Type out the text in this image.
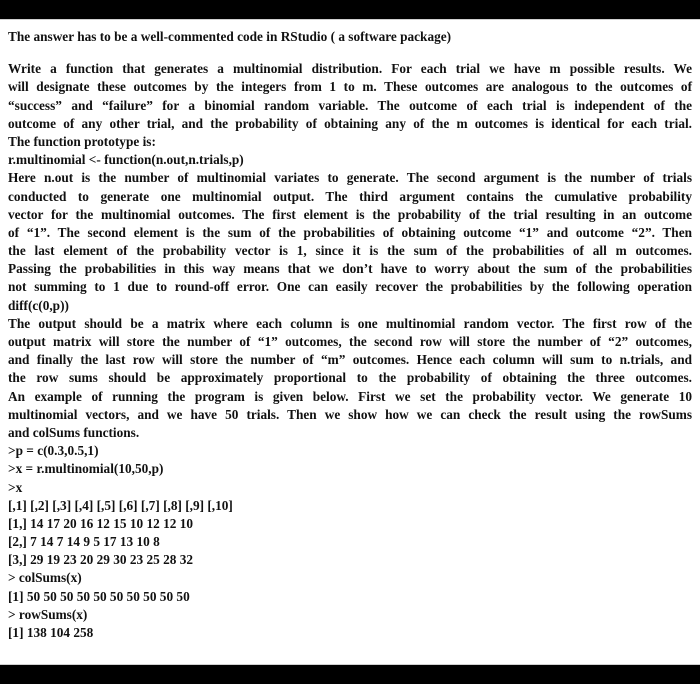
The answer has to be a well-commented code in RStudio ( a software package)
Write a function that generates a multinomial distribution. For each trial we have m possible results. We
will designate these outcomes by the integers from 1 to m. These outcomes are analogous to the outcomes of
“success” and “failure” for a binomial random variable. The outcome of each trial is independent of the
outcome of any other trial, and the probability of obtaining any of the m outcomes is identical for each trial.
The function prototype is:
r.multinomial <- function(n.out,n.trials,p)
Here n.out is the number of multinomial variates to generate. The second argument is the number of trials
conducted to generate one multinomial output. The third argument contains the cumulative probability
vector for the multinomial outcomes. The first element is the probability of the trial resulting in an outcome
of “1”. The second element is the sum of the probabilities of obtaining outcome “1” and outcome “2”. Then
the last element of the probability vector is 1, since it is the sum of the probabilities of all m outcomes.
Passing the probabilities in this way means that we don’t have to worry about the sum of the probabilities
not summing to 1 due to round-off error. One can easily recover the probabilities by the following operation
diff(c(0,p))
The output should be a matrix where each column is one multinomial random vector. The first row of the
output matrix will store the number of “1” outcomes, the second row will store the number of “2” outcomes,
and finally the last row will store the number of “m” outcomes. Hence each column will sum to n.trials, and
the row sums should be approximately proportional to the probability of obtaining the three outcomes.
An example of running the program is given below. First we set the probability vector. We generate 10
multinomial vectors, and we have 50 trials. Then we show how we can check the result using the rowSums
and colSums functions.
>p = c(0.3,0.5,1)
>x = r.multinomial(10,50,p)
>x
[,1] [,2] [,3] [,4] [,5] [,6] [,7] [,8] [,9] [,10]
[1,] 14 17 20 16 12 15 10 12 12 10
[2,] 7 14 7 14 9 5 17 13 10 8
[3,] 29 19 23 20 29 30 23 25 28 32
> colSums(x)
[1] 50 50 50 50 50 50 50 50 50 50
> rowSums(x)
[1] 138 104 258
